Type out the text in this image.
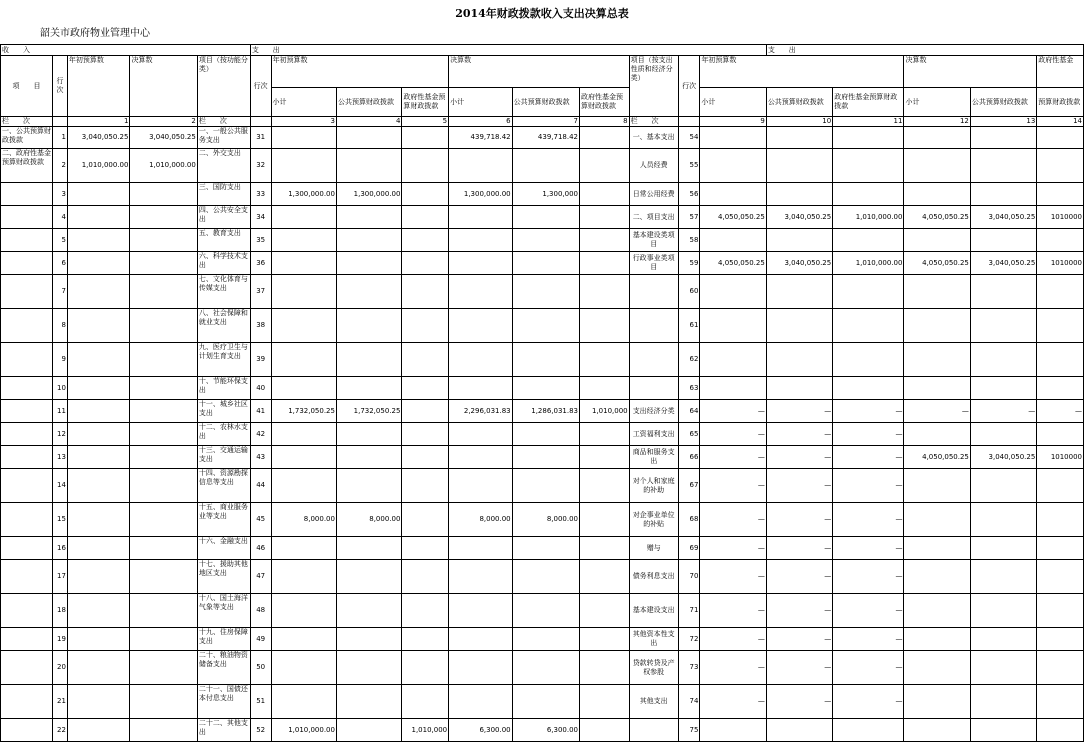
2014年财政拨款收入支出决算总表
韶关市政府物业管理中心
收　　入					支　　出										支　　出				
项　　目	行次	年初预算数	决算数	项目（按功能分类）	行次	年初预算数			决算数			项目（按支出性质和经济分类）	行次	年初预算数			决算数		政府性基金
						小计	公共预算财政拨款	政府性基金预算财政拨款	小计	公共预算财政拨款	政府性基金预算财政拨款			小计	公共预算财政拨款	政府性基金预算财政拨款	小计	公共预算财政拨款	预算财政拨款
栏　　次		1	2	栏　　次		3	4	5	6	7	8	栏　　次		9	10	11	12	13	14
一、公共预算财政拨款	1	3,040,050.25	3,040,050.25	一、一般公共服务支出	31				439,718.42	439,718.42		一、基本支出	54						
二、政府性基金预算财政拨款	2	1,010,000.00	1,010,000.00	二、外交支出	32							人员经费	55						
	3			三、国防支出	33	1,300,000.00	1,300,000.00		1,300,000.00	1,300,000		日常公用经费	56						
	4			四、公共安全支出	34							二、项目支出	57	4,050,050.25	3,040,050.25	1,010,000.00	4,050,050.25	3,040,050.25	1010000
	5			五、教育支出	35							基本建设类项目	58						
	6			六、科学技术支出	36							行政事业类项目	59	4,050,050.25	3,040,050.25	1,010,000.00	4,050,050.25	3,040,050.25	1010000
	7			七、文化体育与传媒支出	37								60						
	8			八、社会保障和就业支出	38								61						
	9			九、医疗卫生与计划生育支出	39								62						
	10			十、节能环保支出	40								63						
	11			十一、城乡社区支出	41	1,732,050.25	1,732,050.25		2,296,031.83	1,286,031.83	1,010,000	支出经济分类	64	—	—	—	—	—	—
	12			十二、农林水支出	42							工资福利支出	65	—	—	—			
	13			十三、交通运输支出	43							商品和服务支出	66	—	—	—	4,050,050.25	3,040,050.25	1010000
	14			十四、资源勘探信息等支出	44							对个人和家庭的补助	67	—	—	—			
	15			十五、商业服务业等支出	45	8,000.00	8,000.00		8,000.00	8,000.00		对企事业单位的补贴	68	—	—	—			
	16			十六、金融支出	46							赠与	69	—	—	—			
	17			十七、援助其他地区支出	47							债务利息支出	70	—	—	—			
	18			十八、国土海洋气象等支出	48							基本建设支出	71	—	—	—			
	19			十九、住房保障支出	49							其他资本性支出	72	—	—	—			
	20			二十、粮油物资储备支出	50							贷款转贷及产权参股	73	—	—	—			
	21			二十一、国债还本付息支出	51							其他支出	74	—	—	—			
	22			二十二、其他支出	52	1,010,000.00		1,010,000	6,300.00	6,300.00			75						
